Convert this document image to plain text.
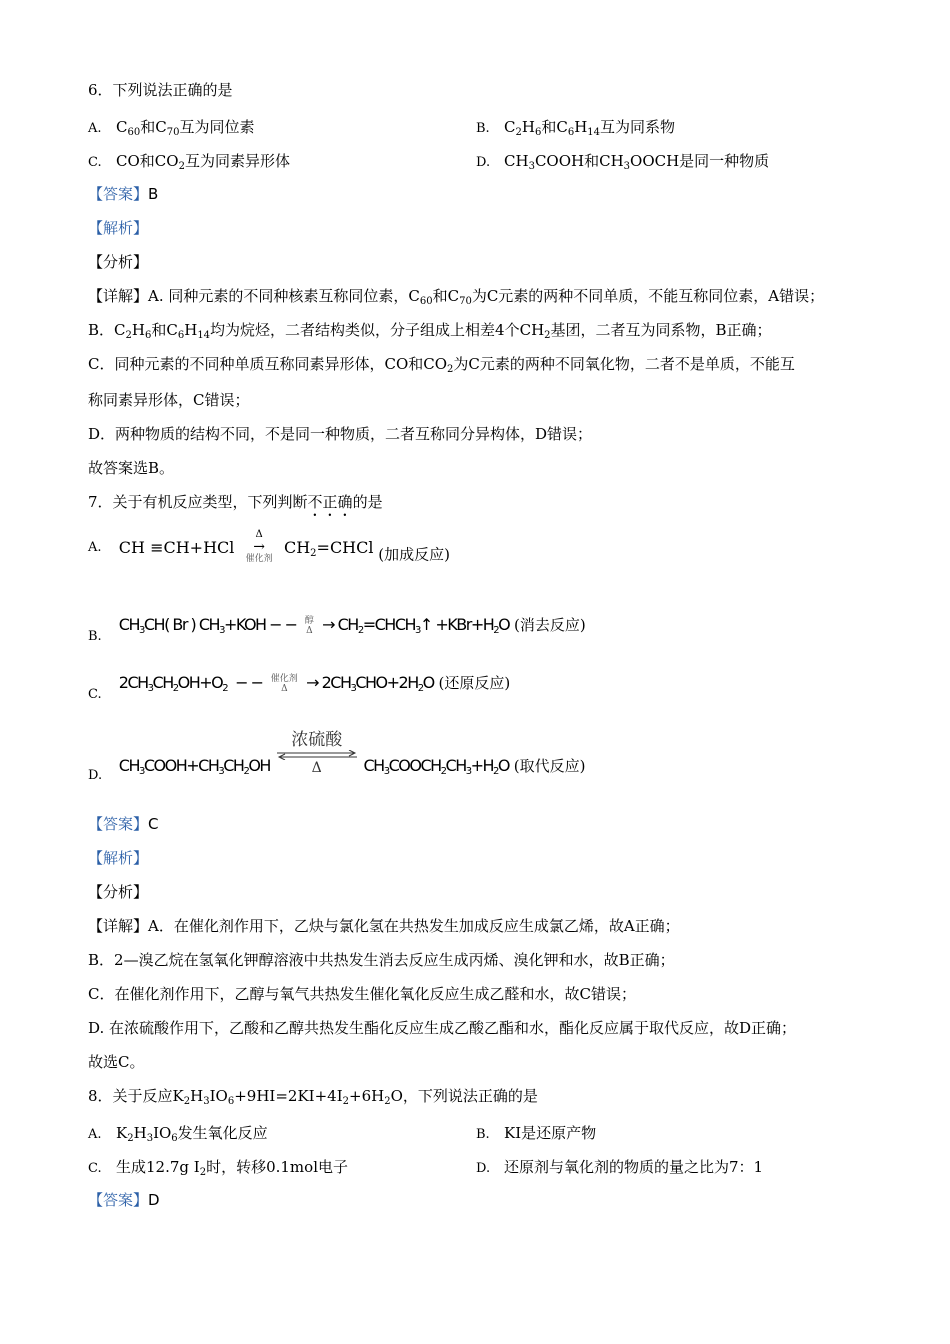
6．下列说法正确的是
A. $C_{60}$和$C_{70}$互为同位素	B. $C_2H_6$和$C_6H_{14}$互为同系物
C. CO和$CO_2$互为同素异形体	D. $CH_3COOH$和$CH_3OOCH$是同一种物质
【答案】B
【解析】
【分析】
【详解】A. 同种元素的不同种核素互称同位素，$C_{60}$和$C_{70}$为C元素的两种不同单质，不能互称同位素，A错误；
B．$C_2H_6$和$C_6H_{14}$均为烷烃，二者结构类似，分子组成上相差4个$CH_2$基团，二者互为同系物，B正确；
C．同种元素的不同种单质互称同素异形体，CO和$CO_2$为C元素的两种不同氧化物，二者不是单质，不能互
称同素异形体，C错误；
D．两种物质的结构不同，不是同一种物质，二者互称同分异构体，D错误；
故答案选B。
7．关于有机反应类型，下列判断不正确的是
A. CH ≡CH+HCl
Δ
→
催化剂
$CH_2=CHCl$ (加成反应)
B. $CH_3CH$( Br ) $CH_3+KOH$ − − 醇
$\Delta \to CH_2=CHCH_3↑ +KBr+H_2O$ (消去反应)
C. $2CH_3CH_2OH+O_2$ − − 催化剂
Δ	→ $2CH_3CHO+2H_2O$ (还原反应)
D. $CH_3COOH+CH_3CH_2OH$
浓硫酸
Δ	$CH_3COOCH_2CH_3+H_2O$ (取代反应)
【答案】C
【解析】
【分析】
【详解】A．在催化剂作用下，乙炔与氯化氢在共热发生加成反应生成氯乙烯，故A正确；
B．2—溴乙烷在氢氧化钾醇溶液中共热发生消去反应生成丙烯、溴化钾和水，故B正确；
C．在催化剂作用下，乙醇与氧气共热发生催化氧化反应生成乙醛和水，故C错误；
D. 在浓硫酸作用下，乙酸和乙醇共热发生酯化反应生成乙酸乙酯和水，酯化反应属于取代反应，故D正确；
故选C。
8．关于反应$K_2H_3IO_6+9HI=2KI+4I_2+6H_2O$，下列说法正确的是
A. $K_2H_3IO_6$发生氧化反应	B. KI是还原产物
C. 生成12.7g $I_2$时，转移0.1mol电子	D. 还原剂与氧化剂的物质的量之比为7：1
【答案】D
